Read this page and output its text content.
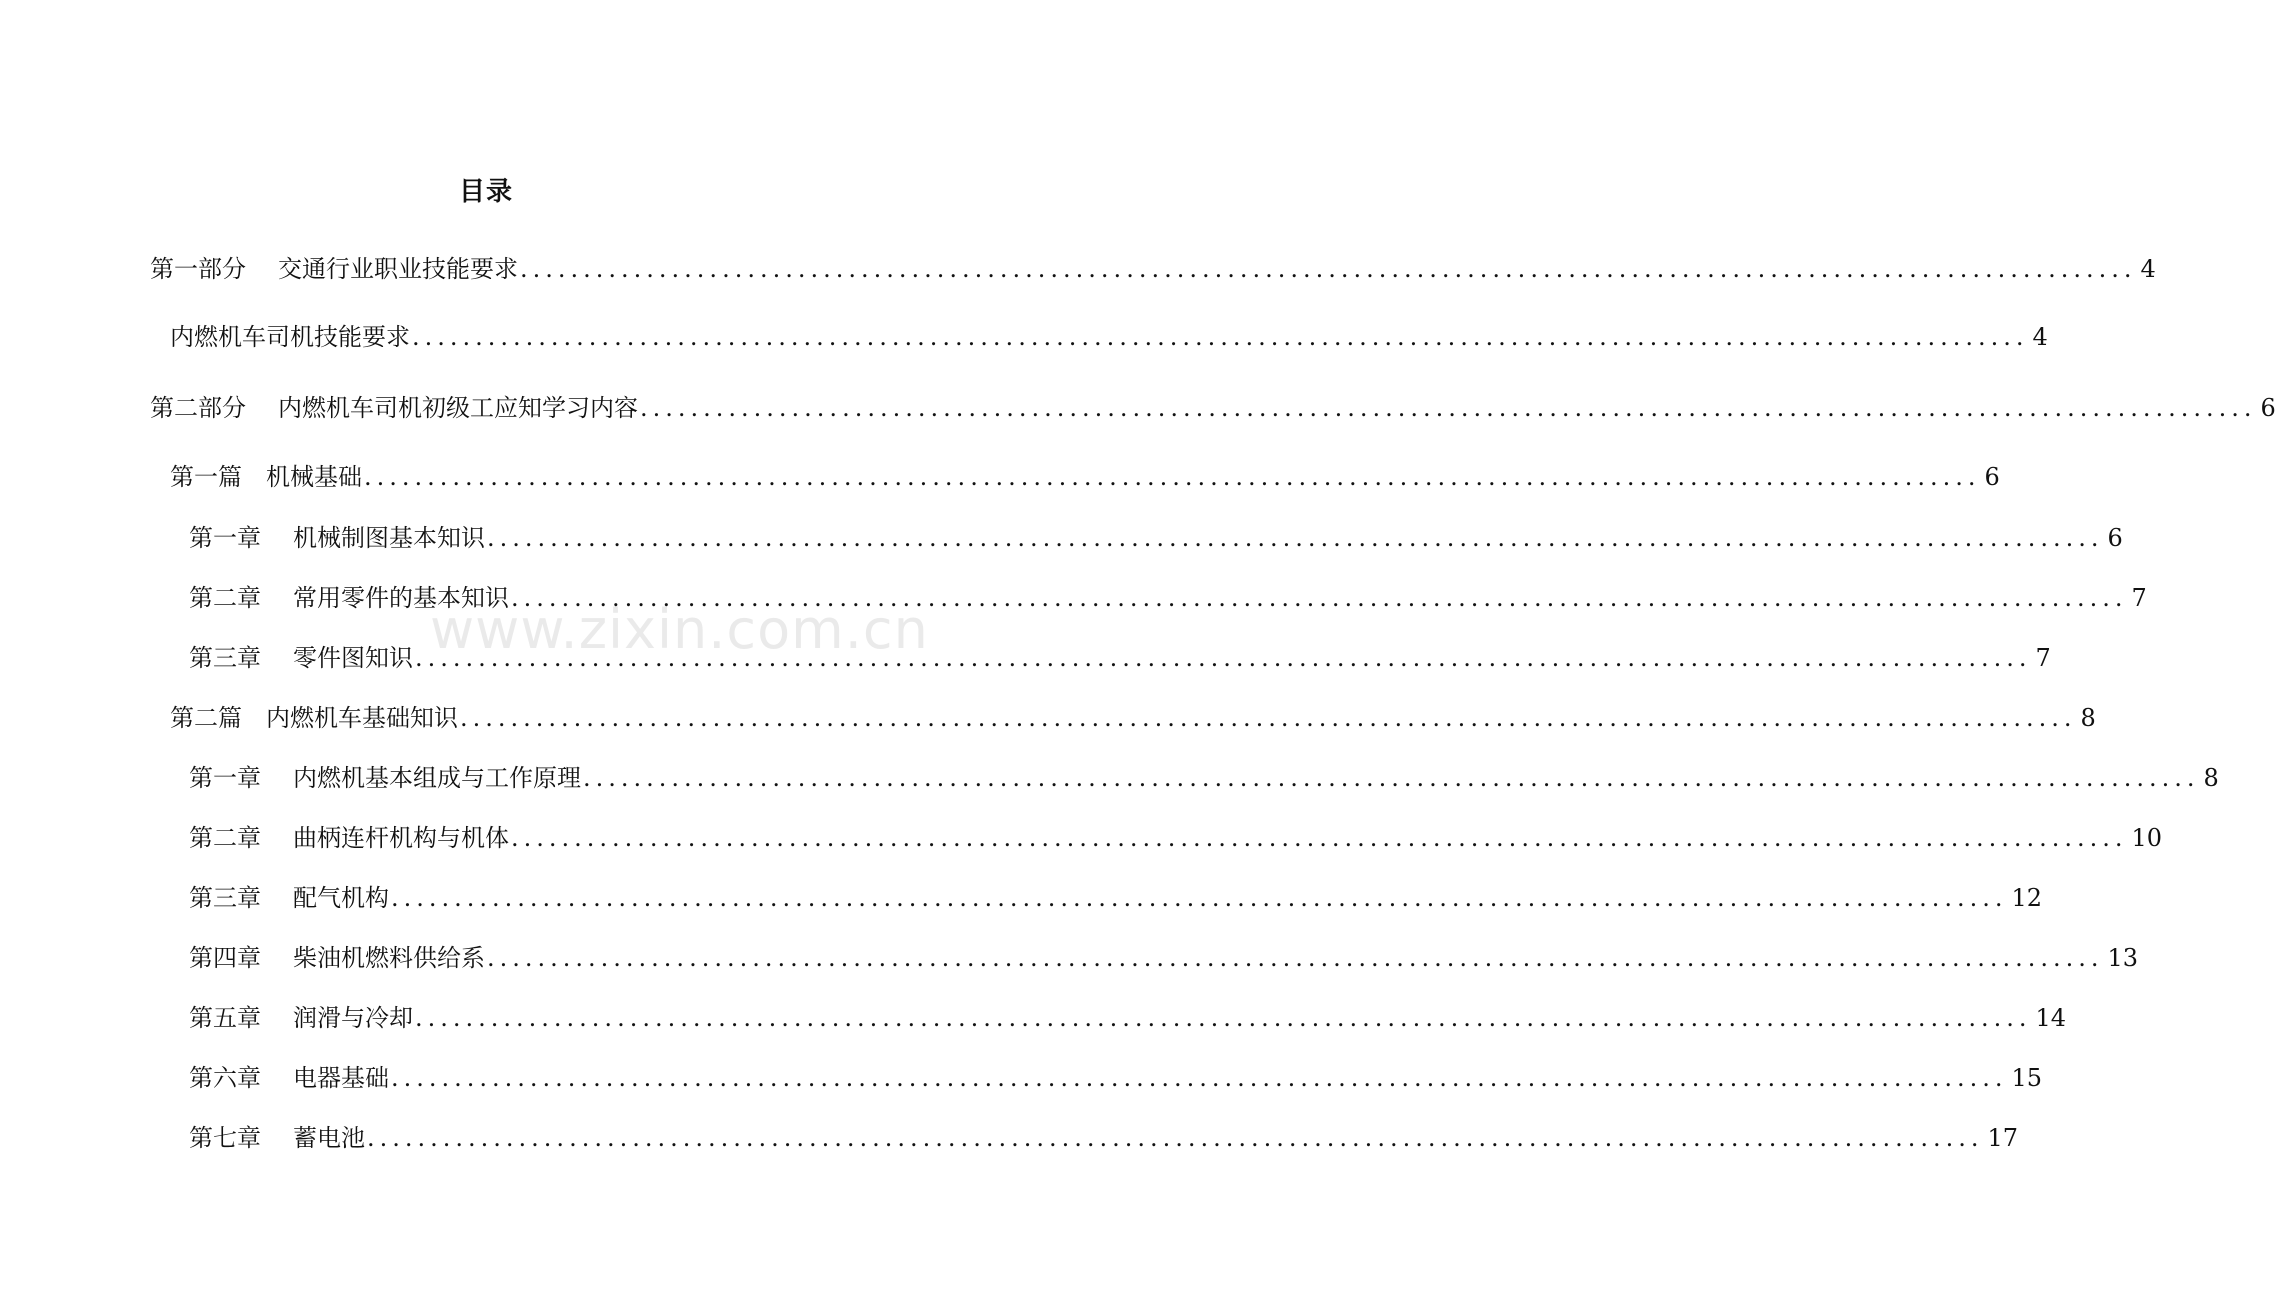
目录
第一部分 交通行业职业技能要求 ................................................................................................................................ 4
内燃机车司机技能要求 ................................................................................................................................ 4
第二部分 内燃机车司机初级工应知学习内容 ................................................................................................................................ 6
第一篇 机械基础 ................................................................................................................................ 6
第一章 机械制图基本知识 ................................................................................................................................ 6
第二章 常用零件的基本知识 ................................................................................................................................ 7
第三章 零件图知识 ................................................................................................................................ 7
第二篇 内燃机车基础知识 ................................................................................................................................ 8
第一章 内燃机基本组成与工作原理 ................................................................................................................................ 8
第二章 曲柄连杆机构与机体 ................................................................................................................................ 10
第三章 配气机构 ................................................................................................................................ 12
第四章 柴油机燃料供给系 ................................................................................................................................ 13
第五章 润滑与冷却 ................................................................................................................................ 14
第六章 电器基础 ................................................................................................................................ 15
第七章 蓄电池 ................................................................................................................................ 17
www.zixin.com.cn
